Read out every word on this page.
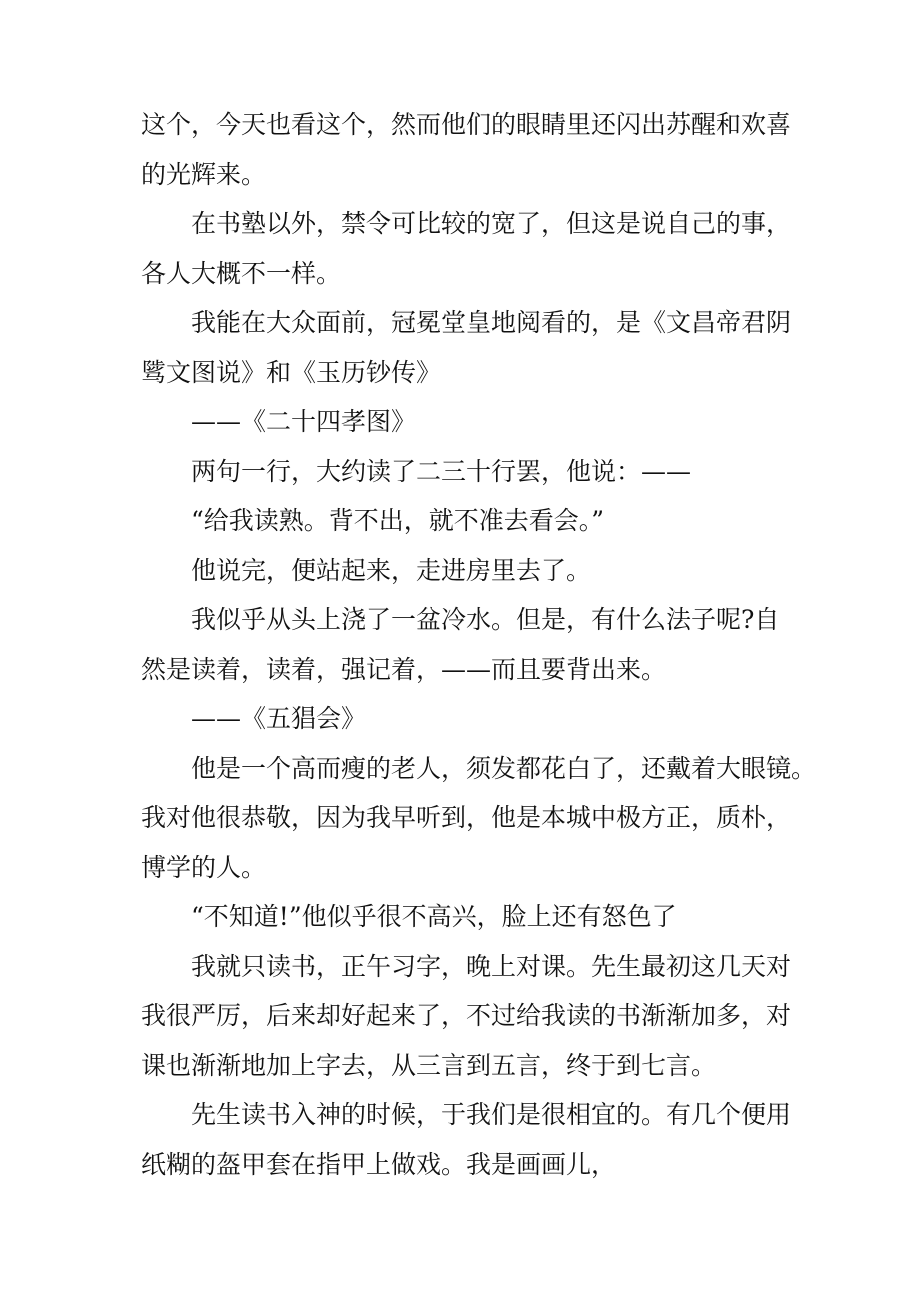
这个，今天也看这个，然而他们的眼睛里还闪出苏醒和欢喜
的光辉来。
在书塾以外，禁令可比较的宽了，但这是说自己的事，
各人大概不一样。
我能在大众面前，冠冕堂皇地阅看的，是《文昌帝君阴
骘文图说》和《玉历钞传》
——《二十四孝图》
两句一行，大约读了二三十行罢，他说：——
“给我读熟。背不出，就不准去看会。”
他说完，便站起来，走进房里去了。
我似乎从头上浇了一盆冷水。但是，有什么法子呢?自
然是读着，读着，强记着，——而且要背出来。
——《五猖会》
他是一个高而瘦的老人，须发都花白了，还戴着大眼镜。
我对他很恭敬，因为我早听到，他是本城中极方正，质朴，
博学的人。
“不知道!”他似乎很不高兴，脸上还有怒色了
我就只读书，正午习字，晚上对课。先生最初这几天对
我很严厉，后来却好起来了，不过给我读的书渐渐加多，对
课也渐渐地加上字去，从三言到五言，终于到七言。
先生读书入神的时候，于我们是很相宜的。有几个便用
纸糊的盔甲套在指甲上做戏。我是画画儿，
